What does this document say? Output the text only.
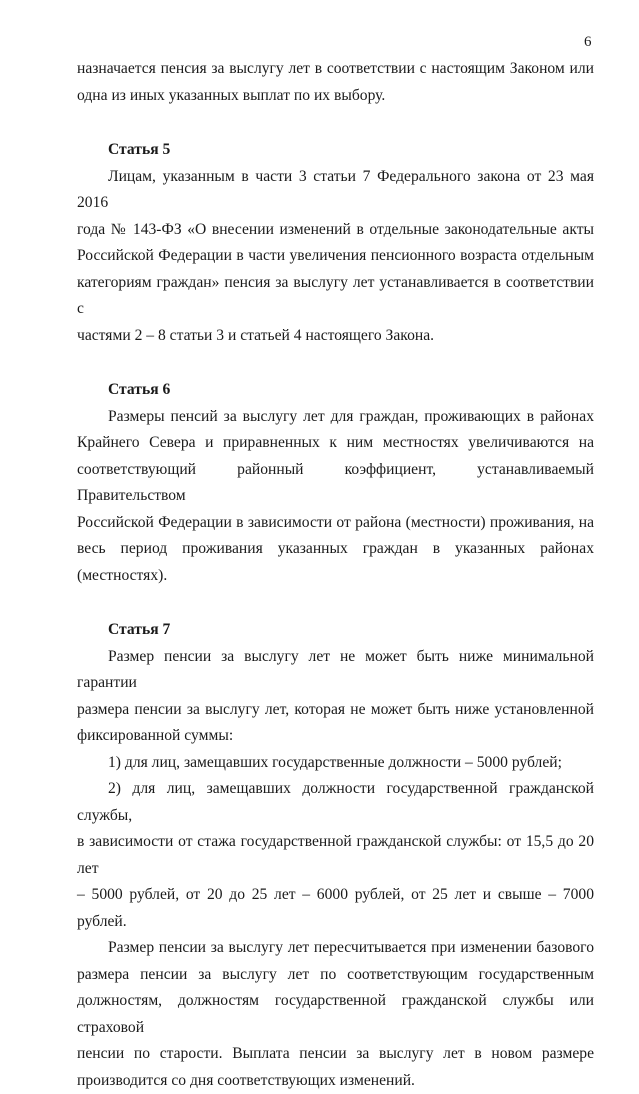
6

назначается пенсия за выслугу лет в соответствии с настоящим Законом или

одна из иных указанных выплат по их выбору.

Статья 5

Лицам, указанным в части 3 статьи 7 Федерального закона от 23 мая 2016

года № 143-ФЗ «О внесении изменений в отдельные законодательные акты

Российской Федерации в части увеличения пенсионного возраста отдельным

категориям граждан» пенсия за выслугу лет устанавливается в соответствии с

частями 2 – 8 статьи 3 и статьей 4 настоящего Закона.

Статья 6

Размеры пенсий за выслугу лет для граждан, проживающих в районах

Крайнего Севера и приравненных к ним местностях увеличиваются на

соответствующий районный коэффициент, устанавливаемый Правительством

Российской Федерации в зависимости от района (местности) проживания, на

весь период проживания указанных граждан в указанных районах (местностях).

Статья 7

Размер пенсии за выслугу лет не может быть ниже минимальной гарантии

размера пенсии за выслугу лет, которая не может быть ниже установленной

фиксированной суммы:

1) для лиц, замещавших государственные должности – 5000 рублей;

2) для лиц, замещавших должности государственной гражданской службы,

в зависимости от стажа государственной гражданской службы: от 15,5 до 20 лет

– 5000 рублей, от 20 до 25 лет – 6000 рублей, от 25 лет и свыше – 7000 рублей.

Размер пенсии за выслугу лет пересчитывается при изменении базового

размера пенсии за выслугу лет по соответствующим государственным

должностям, должностям государственной гражданской службы или страховой

пенсии по старости. Выплата пенсии за выслугу лет в новом размере

производится со дня соответствующих изменений.
